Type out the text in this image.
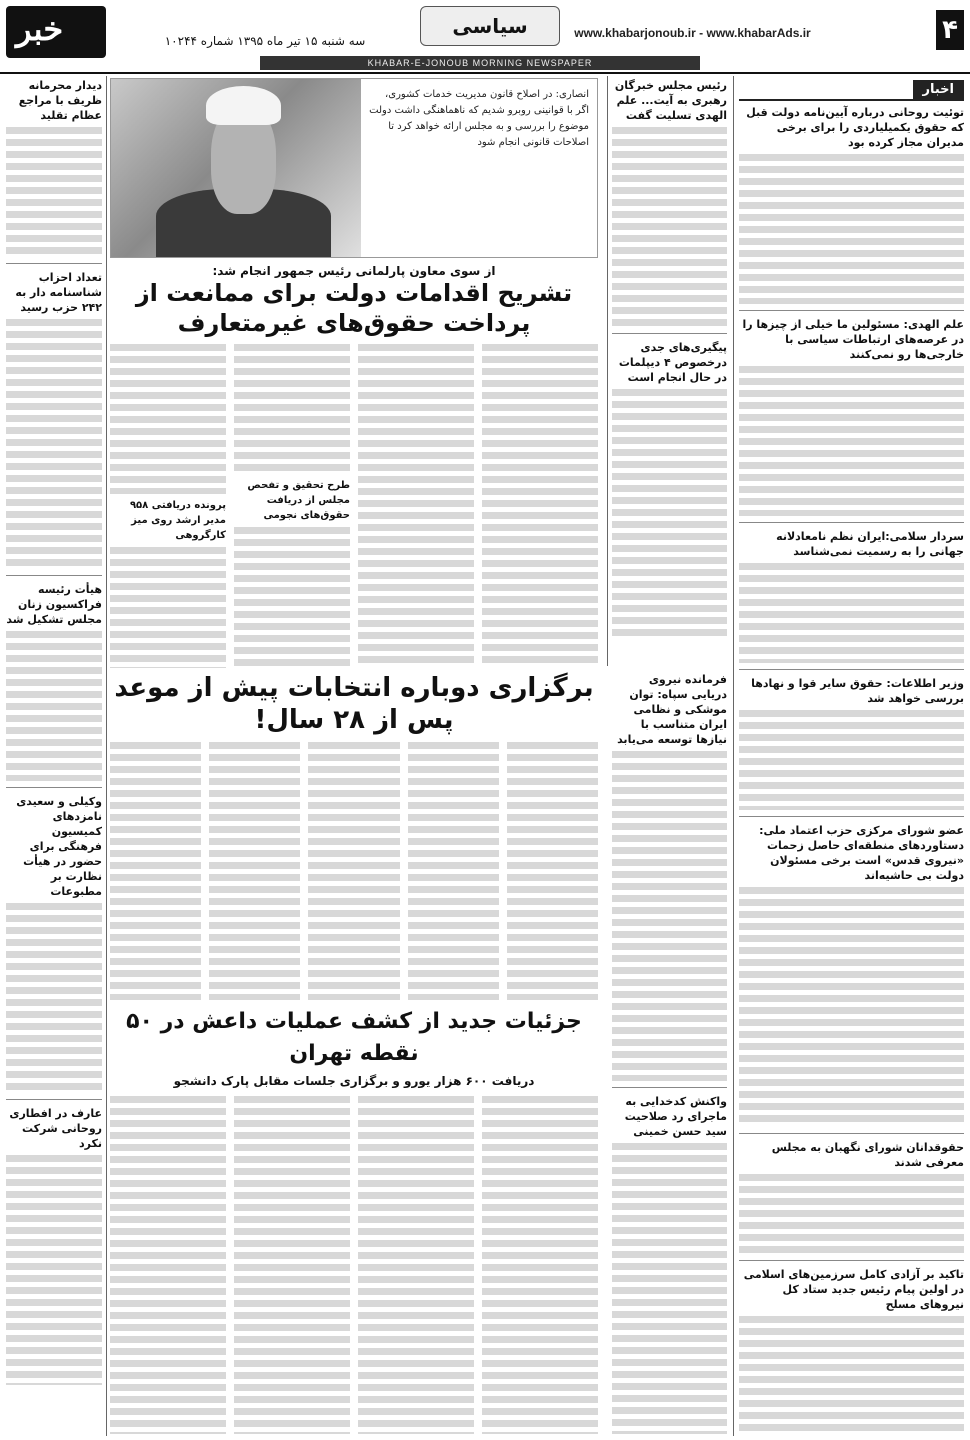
۴
www.khabarjonoub.ir - www.khabarAds.ir
سیاسی
سه شنبه ۱۵ تیر ماه ۱۳۹۵ شماره ۱۰۲۴۴
خبر
KHABAR-E-JONOUB MORNING NEWSPAPER
اخبار
توئیت روحانی درباره آیین‌نامه دولت قبل که حقوق یکمیلیاردی را برای برخی مدیران مجاز کرده بود
علم الهدی: مسئولین ما خیلی از چیزها را در عرصه‌های ارتباطات سیاسی با خارجی‌ها رو نمی‌کنند
سردار سلامی:ایران نظم نامعادلانه جهانی را به رسمیت نمی‌شناسد
وزیر اطلاعات: حقوق سایر قوا و نهادها بررسی خواهد شد
عضو شورای مرکزی حزب اعتماد ملی: دستاوردهای منطقه‌ای حاصل زحمات «نیروی قدس» است برخی مسئولان دولت بی حاشیه‌اند
حقوقدانان شورای نگهبان به مجلس معرفی شدند
تاکید بر آزادی کامل سرزمین‌های اسلامی در اولین پیام رئیس جدید ستاد کل نیروهای مسلح
رئیس مجلس خبرگان رهبری به آیت... علم الهدی تسلیت گفت
پیگیری‌های جدی درخصوص ۴ دیپلمات در حال انجام است
انصاری: در اصلاح قانون مدیریت خدمات کشوری، اگر با قوانینی روبرو شدیم که ناهماهنگی داشت دولت موضوع را بررسی و به مجلس ارائه خواهد کرد تا اصلاحات قانونی انجام شود
از سوی معاون پارلمانی رئیس جمهور انجام شد:
تشریح اقدامات دولت برای ممانعت از پرداخت حقوق‌های غیرمتعارف
طرح تحقیق و تفحص مجلس از دریافت حقوق‌های نجومی
پرونده دریافتی ۹۵۸ مدیر ارشد روی میز کارگروهی
فرمانده نیروی دریایی سپاه: توان موشکی و نظامی ایران متناسب با نیازها توسعه می‌یابد
واکنش کدخدایی به ماجرای رد صلاحیت سید حسن خمینی
برگزاری دوباره انتخابات پیش از موعد پس از ۲۸ سال!
جزئیات جدید از کشف عملیات داعش در ۵۰ نقطه تهران
دریافت ۶۰۰ هزار یورو و برگزاری جلسات مقابل پارک دانشجو
دیدار محرمانه ظریف با مراجع عظام تقلید
تعداد احزاب شناسنامه دار به ۲۴۲ حزب رسید
هیأت رئیسه فراکسیون زنان مجلس تشکیل شد
وکیلی و سعیدی نامزدهای کمیسیون فرهنگی برای حضور در هیأت نظارت بر مطبوعات
عارف در افطاری روحانی شرکت نکرد
